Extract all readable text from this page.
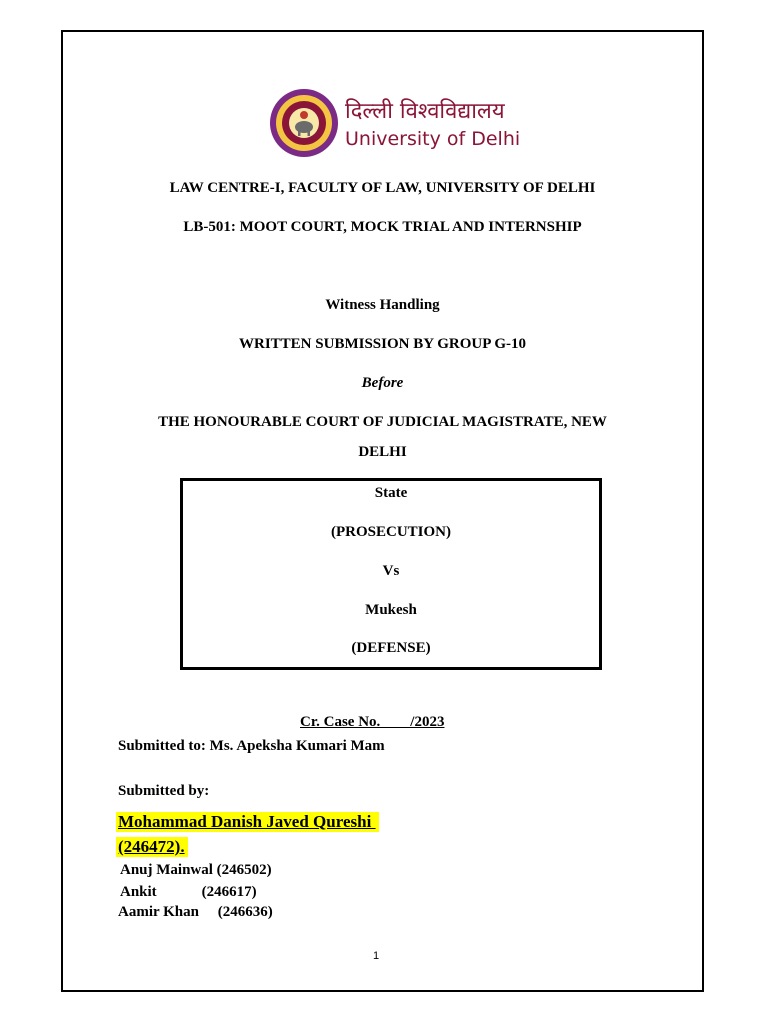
दिल्ली विश्वविद्यालय
University of Delhi
LAW CENTRE-I, FACULTY OF LAW, UNIVERSITY OF DELHI
LB-501: MOOT COURT, MOCK TRIAL AND INTERNSHIP
Witness Handling
WRITTEN SUBMISSION BY GROUP G-10
Before
THE HONOURABLE COURT OF JUDICIAL MAGISTRATE, NEW
DELHI
State
(PROSECUTION)
Vs
Mukesh
(DEFENSE)
Cr. Case No.        /2023
Submitted to: Ms. Apeksha Kumari Mam
Submitted by:
Mohammad Danish Javed Qureshi
(246472).
Anuj Mainwal (246502)
Ankit            (246617)
Aamir Khan     (246636)
1
